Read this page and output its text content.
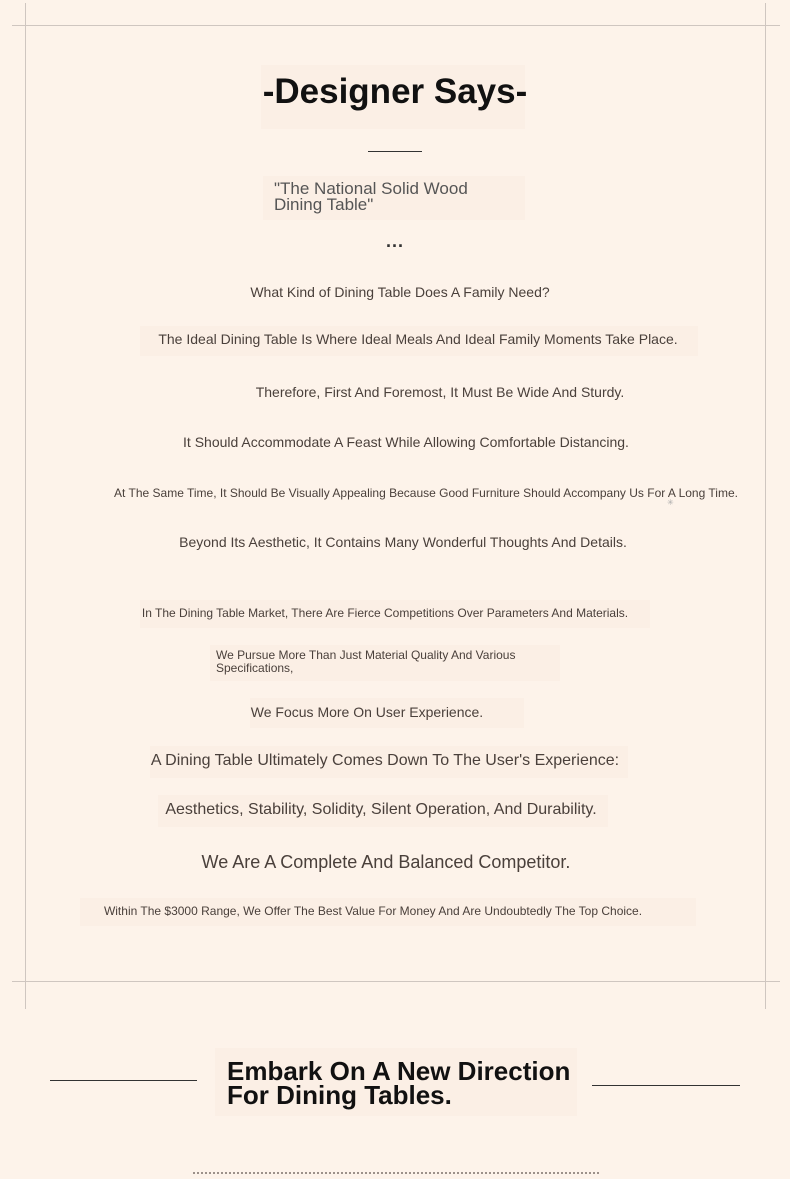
-Designer Says-
"The National Solid Wood Dining Table"
...
What Kind of Dining Table Does A Family Need?
The Ideal Dining Table Is Where Ideal Meals And Ideal Family Moments Take Place.
Therefore, First And Foremost, It Must Be Wide And Sturdy.
It Should Accommodate A Feast While Allowing Comfortable Distancing.
At The Same Time, It Should Be Visually Appealing Because Good Furniture Should Accompany Us For A Long Time.
✳
Beyond Its Aesthetic, It Contains Many Wonderful Thoughts And Details.
In The Dining Table Market, There Are Fierce Competitions Over Parameters And Materials.
We Pursue More Than Just Material Quality And Various Specifications,
We Focus More On User Experience.
A Dining Table Ultimately Comes Down To The User's Experience:
Aesthetics, Stability, Solidity, Silent Operation, And Durability.
We Are A Complete And Balanced Competitor.
Within The $3000 Range, We Offer The Best Value For Money And Are Undoubtedly The Top Choice.
Embark On A New Direction For Dining Tables.
